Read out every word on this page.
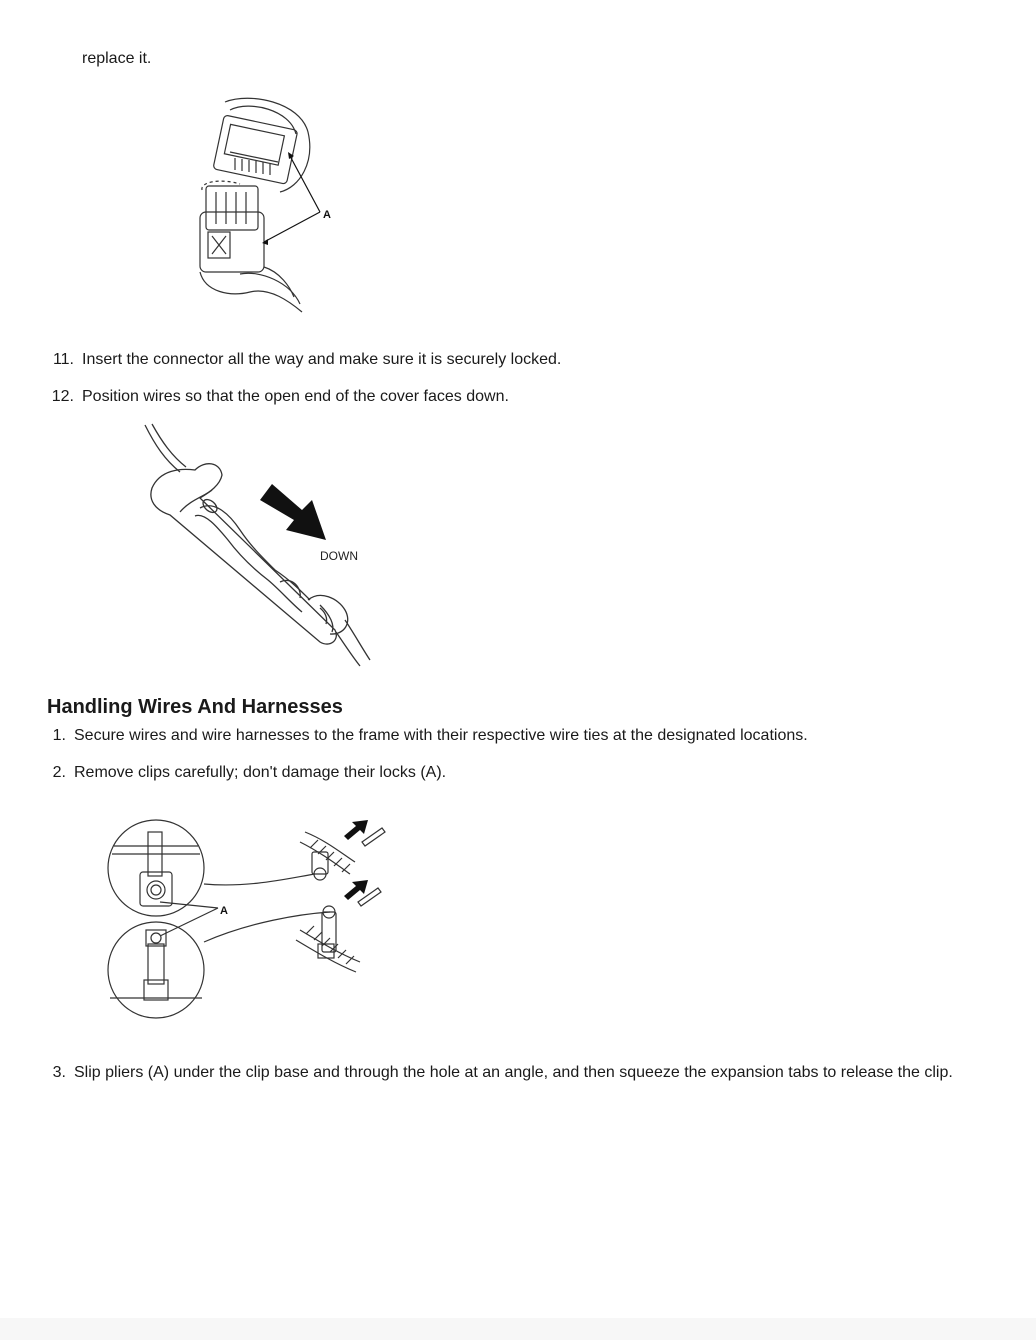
replace it.
A
11. Insert the connector all the way and make sure it is securely locked.
12. Position wires so that the open end of the cover faces down.
DOWN
Handling Wires And Harnesses
1. Secure wires and wire harnesses to the frame with their respective wire ties at the designated locations.
2. Remove clips carefully; don't damage their locks (A).
A
3. Slip pliers (A) under the clip base and through the hole at an angle, and then squeeze the expansion tabs to release the clip.
